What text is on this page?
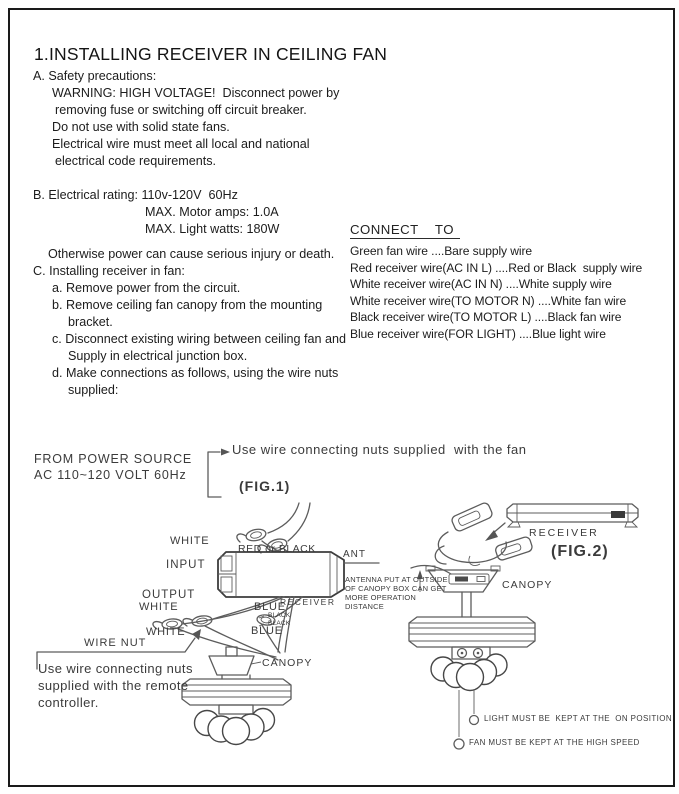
1.INSTALLING RECEIVER IN CEILING FAN
A. Safety precautions:
WARNING: HIGH VOLTAGE!  Disconnect power by
removing fuse or switching off circuit breaker.
Do not use with solid state fans.
Electrical wire must meet all local and national
electrical code requirements.
B. Electrical rating: 110v-120V  60Hz
MAX. Motor amps: 1.0A
MAX. Light watts: 180W
Otherwise power can cause serious injury or death.
C. Installing receiver in fan:
a. Remove power from the circuit.
b. Remove ceiling fan canopy from the mounting
bracket.
c. Disconnect existing wiring between ceiling fan and
Supply in electrical junction box.
d. Make connections as follows, using the wire nuts
supplied:
CONNECT    TO
Green fan wire ....Bare supply wire
Red receiver wire(AC IN L) ....Red or Black  supply wire
White receiver wire(AC IN N) ....White supply wire
White receiver wire(TO MOTOR N) ....White fan wire
Black receiver wire(TO MOTOR L) ....Black fan wire
Blue receiver wire(FOR LIGHT) ....Blue light wire
FROM POWER SOURCE
AC 110~120 VOLT 60Hz
Use wire connecting nuts supplied  with the fan
(FIG.1)
WHITE
RED or BLACK
INPUT
OUTPUT
RECEIVER
ANT
WHITE
WHITE
BLACK
BLACK
BLUE
BLUE
CANOPY
WIRE NUT
Use wire connecting nuts
supplied with the remote
controller.
RECEIVER
(FIG.2)
CANOPY
ANTENNA PUT AT OUTSIDE
OF CANOPY BOX CAN GET
MORE OPERATION
DISTANCE
LIGHT MUST BE  KEPT AT THE  ON POSITION
FAN MUST BE KEPT AT THE HIGH SPEED
